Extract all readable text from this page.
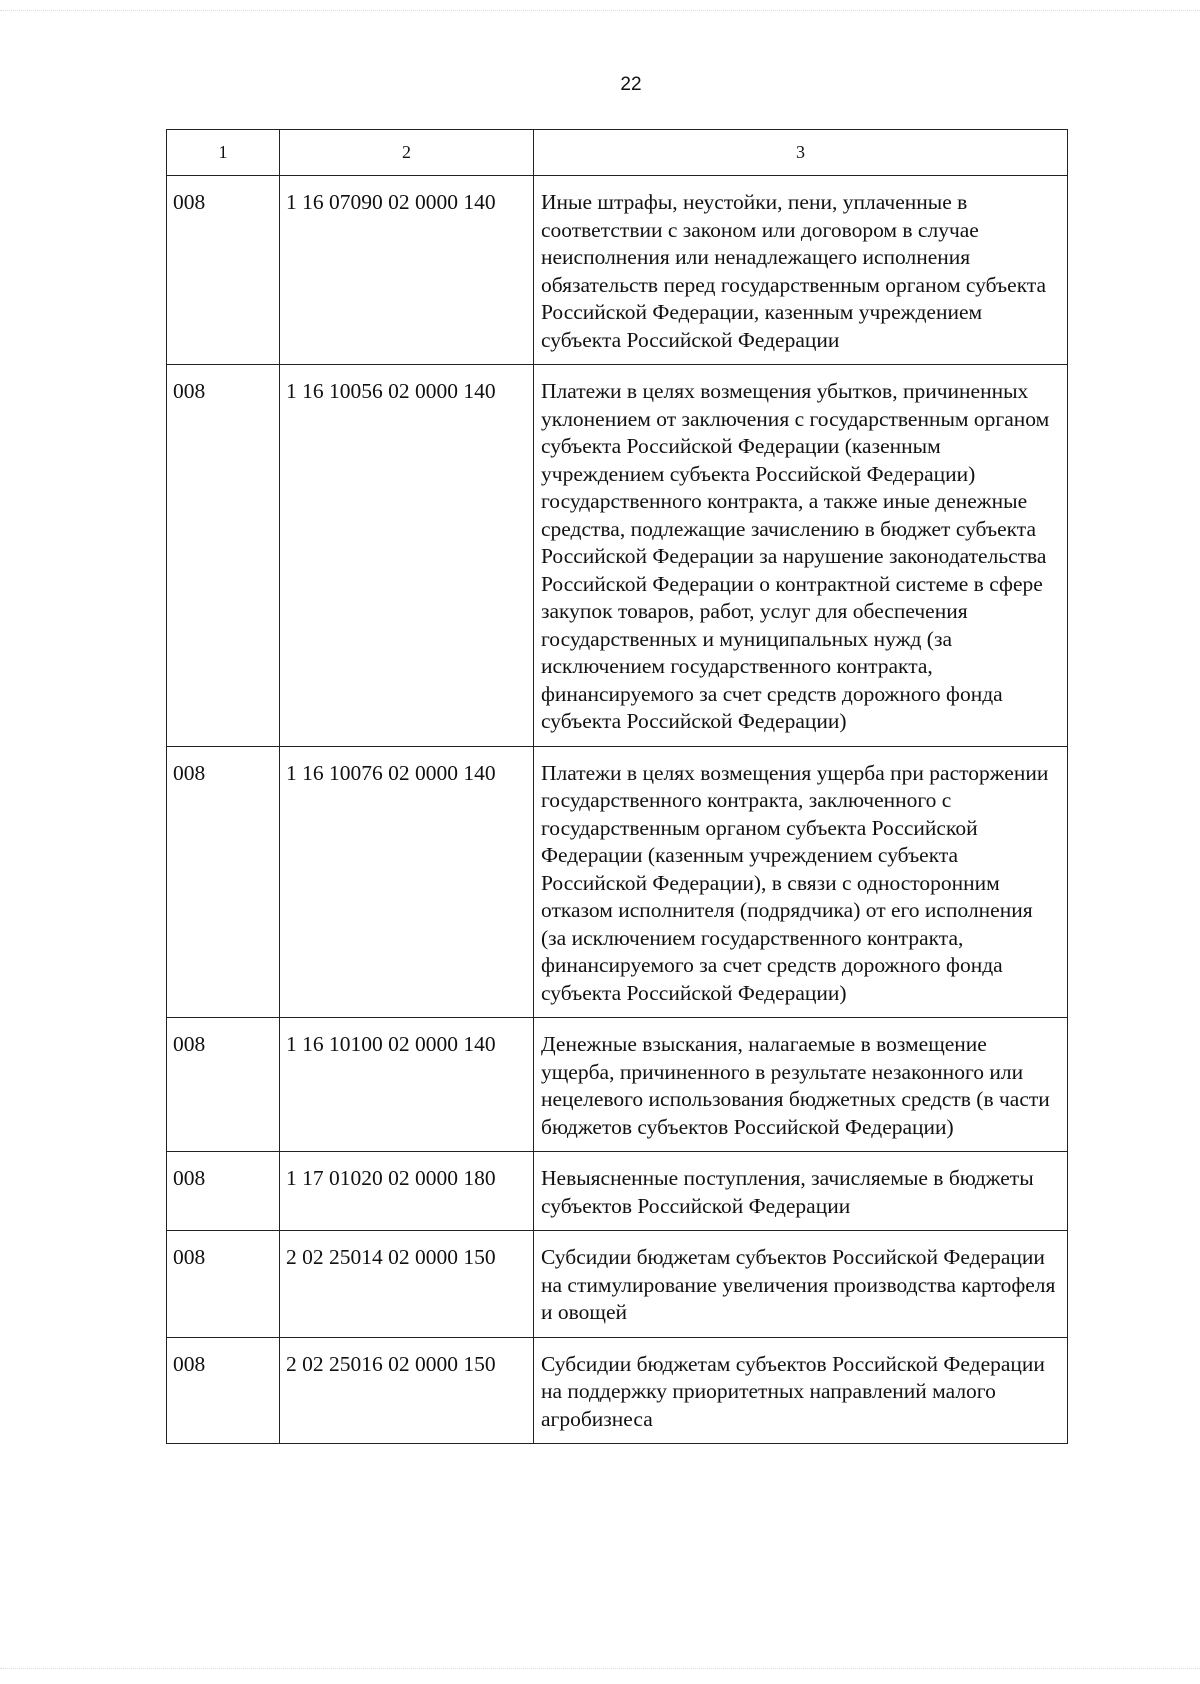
22
1	2	3
008	1 16 07090 02 0000 140	Иные штрафы, неустойки, пени, уплаченные в соответствии с законом или договором в случае неисполнения или ненадлежащего исполнения обязательств перед государственным органом субъекта Российской Федерации, казенным учреждением субъекта Российской Федерации
008	1 16 10056 02 0000 140	Платежи в целях возмещения убытков, причиненных уклонением от заключения с государственным органом субъекта Российской Федерации (казенным учреждением субъекта Российской Федерации) государственного контракта, а также иные денежные средства, подлежащие зачислению в бюджет субъекта Российской Федерации за нарушение законодательства Российской Федерации о контрактной системе в сфере закупок товаров, работ, услуг для обеспечения государственных и муниципальных нужд (за исключением государственного контракта, финансируемого за счет средств дорожного фонда субъекта Российской Федерации)
008	1 16 10076 02 0000 140	Платежи в целях возмещения ущерба при расторжении государственного контракта, заключенного с государственным органом субъекта Российской Федерации (казенным учреждением субъекта Российской Федерации), в связи с односторонним отказом исполнителя (подрядчика) от его исполнения (за исключением государственного контракта, финансируемого за счет средств дорожного фонда субъекта Российской Федерации)
008	1 16 10100 02 0000 140	Денежные взыскания, налагаемые в возмещение ущерба, причиненного в результате незаконного или нецелевого использования бюджетных средств (в части бюджетов субъектов Российской Федерации)
008	1 17 01020 02 0000 180	Невыясненные поступления, зачисляемые в бюджеты субъектов Российской Федерации
008	2 02 25014 02 0000 150	Субсидии бюджетам субъектов Российской Федерации на стимулирование увеличения производства картофеля и овощей
008	2 02 25016 02 0000 150	Субсидии бюджетам субъектов Российской Федерации на поддержку приоритетных направлений малого агробизнеса
